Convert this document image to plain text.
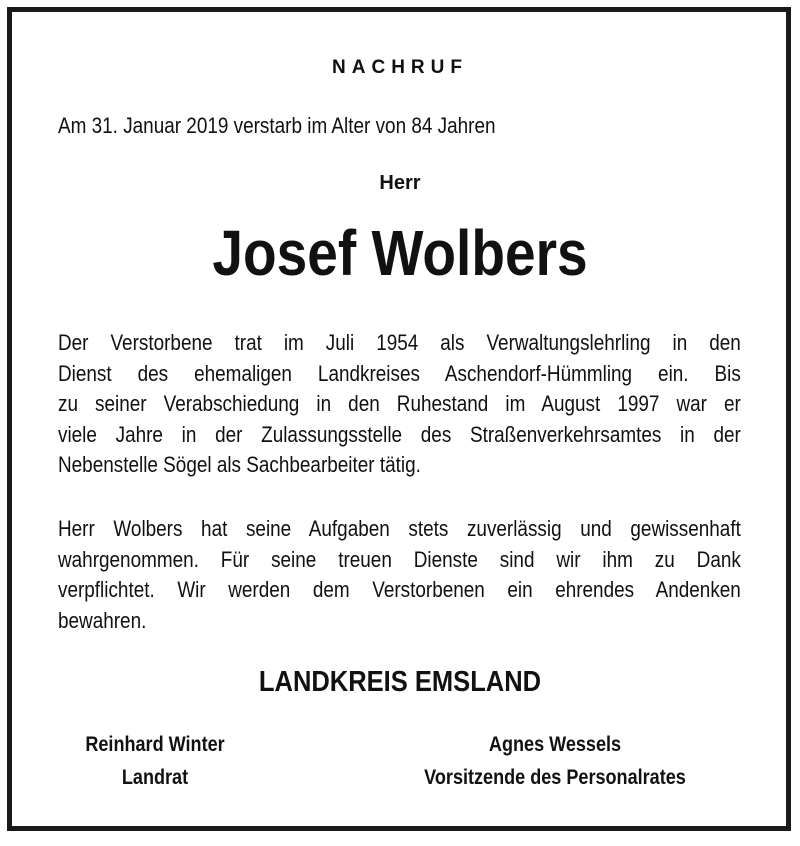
NACHRUF
Am 31. Januar 2019 verstarb im Alter von 84 Jahren
Herr
Josef Wolbers
Der Verstorbene trat im Juli 1954 als Verwaltungslehrling in den
Dienst des ehemaligen Landkreises Aschendorf-Hümmling ein. Bis
zu seiner Verabschiedung in den Ruhestand im August 1997 war er
viele Jahre in der Zulassungsstelle des Straßenverkehrsamtes in der
Nebenstelle Sögel als Sachbearbeiter tätig.
Herr Wolbers hat seine Aufgaben stets zuverlässig und gewissenhaft
wahrgenommen. Für seine treuen Dienste sind wir ihm zu Dank
verpflichtet. Wir werden dem Verstorbenen ein ehrendes Andenken
bewahren.
LANDKREIS EMSLAND
Reinhard Winter
Landrat
Agnes Wessels
Vorsitzende des Personalrates
